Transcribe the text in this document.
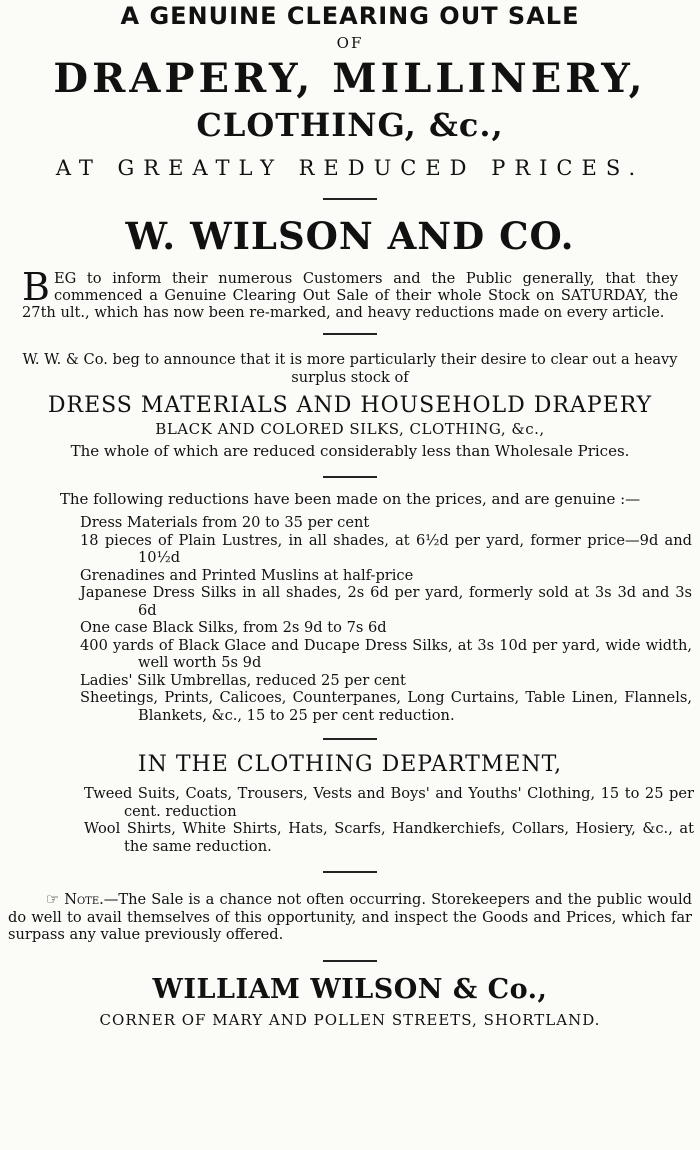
A GENUINE CLEARING OUT SALE
OF
DRAPERY, MILLINERY,
CLOTHING, &c.,
AT GREATLY REDUCED PRICES.
W. WILSON AND CO.
BEG to inform their numerous Customers and the Public generally, that they commenced a Genuine Clearing Out Sale of their whole Stock on SATURDAY, the 27th ult., which has now been re-marked, and heavy reductions made on every article.
W. W. & Co. beg to announce that it is more particularly their desire to clear out a heavy surplus stock of
DRESS MATERIALS AND HOUSEHOLD DRAPERY
BLACK AND COLORED SILKS, CLOTHING, &c.,
The whole of which are reduced considerably less than Wholesale Prices.
The following reductions have been made on the prices, and are genuine :—
Dress Materials from 20 to 35 per cent
18 pieces of Plain Lustres, in all shades, at 6½d per yard, former price—9d and 10½d
Grenadines and Printed Muslins at half-price
Japanese Dress Silks in all shades, 2s 6d per yard, formerly sold at 3s 3d and 3s 6d
One case Black Silks, from 2s 9d to 7s 6d
400 yards of Black Glace and Ducape Dress Silks, at 3s 10d per yard, wide width, well worth 5s 9d
Ladies' Silk Umbrellas, reduced 25 per cent
Sheetings, Prints, Calicoes, Counterpanes, Long Curtains, Table Linen, Flannels, Blankets, &c., 15 to 25 per cent reduction.
IN THE CLOTHING DEPARTMENT,
Tweed Suits, Coats, Trousers, Vests and Boys' and Youths' Clothing, 15 to 25 per cent. reduction
Wool Shirts, White Shirts, Hats, Scarfs, Handkerchiefs, Collars, Hosiery, &c., at the same reduction.
☞ Note.—The Sale is a chance not often occurring. Storekeepers and the public would do well to avail themselves of this opportunity, and inspect the Goods and Prices, which far surpass any value previously offered.
WILLIAM WILSON & Co.,
CORNER OF MARY AND POLLEN STREETS, SHORTLAND.
